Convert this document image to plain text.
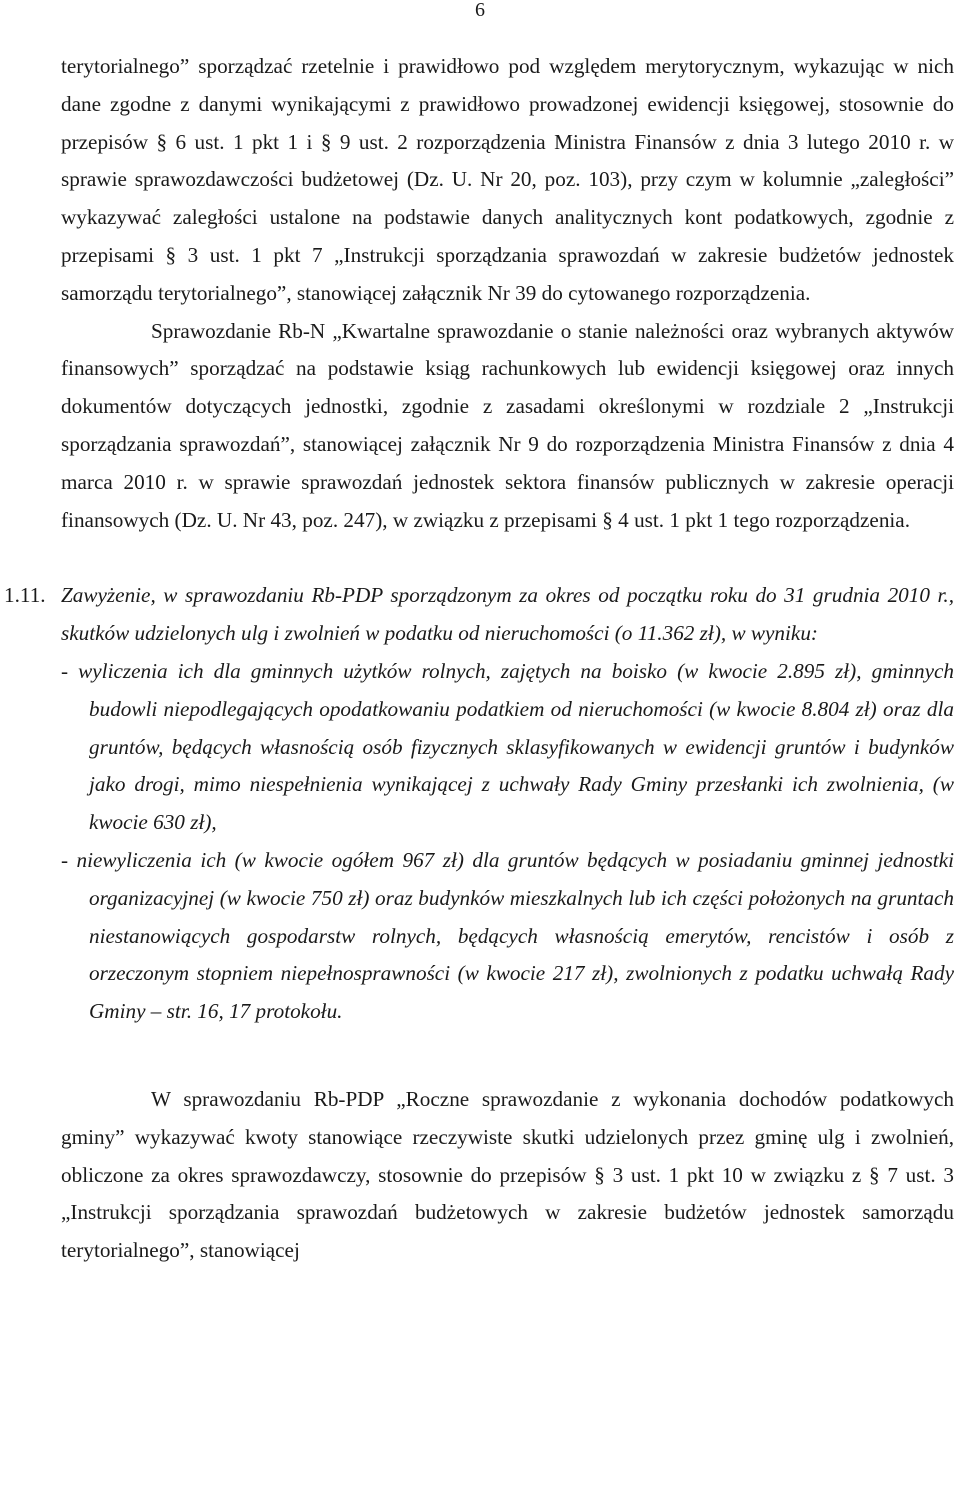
6

terytorialnego” sporządzać rzetelnie i prawidłowo pod względem merytorycznym, wykazując w nich dane zgodne z danymi wynikającymi z prawidłowo prowadzonej ewidencji księgowej, stosownie do przepisów § 6 ust. 1 pkt 1 i § 9 ust. 2 rozporządzenia Ministra Finansów z dnia 3 lutego 2010 r. w sprawie sprawozdawczości budżetowej (Dz. U. Nr 20, poz. 103), przy czym w kolumnie „zaległości” wykazywać zaległości ustalone na podstawie danych analitycznych kont podatkowych, zgodnie z przepisami § 3 ust. 1 pkt 7 „Instrukcji sporządzania sprawozdań w zakresie budżetów jednostek samorządu terytorialnego”, stanowiącej załącznik Nr 39 do cytowanego rozporządzenia.

Sprawozdanie Rb-N „Kwartalne sprawozdanie o stanie należności oraz wybranych aktywów finansowych” sporządzać na podstawie ksiąg rachunkowych lub ewidencji księgowej oraz innych dokumentów dotyczących jednostki, zgodnie z zasadami określonymi w rozdziale 2 „Instrukcji sporządzania sprawozdań”, stanowiącej załącznik Nr 9 do rozporządzenia Ministra Finansów z dnia 4 marca 2010 r. w sprawie sprawozdań jednostek sektora finansów publicznych w zakresie operacji finansowych (Dz. U. Nr 43, poz. 247), w związku z przepisami § 4 ust. 1 pkt 1 tego rozporządzenia.

1.11. Zawyżenie, w sprawozdaniu Rb-PDP sporządzonym za okres od początku roku do 31 grudnia 2010 r., skutków udzielonych ulg i zwolnień w podatku od nieruchomości (o 11.362 zł), w wyniku:

- wyliczenia ich dla gminnych użytków rolnych, zajętych na boisko (w kwocie 2.895 zł), gminnych budowli niepodlegających opodatkowaniu podatkiem od nieruchomości (w kwocie 8.804 zł) oraz dla gruntów, będących własnością osób fizycznych sklasyfikowanych w ewidencji gruntów i budynków jako drogi, mimo niespełnienia wynikającej z uchwały Rady Gminy przesłanki ich zwolnienia, (w kwocie 630 zł),

- niewyliczenia ich (w kwocie ogółem 967 zł) dla gruntów będących w posiadaniu gminnej jednostki organizacyjnej (w kwocie 750 zł) oraz budynków mieszkalnych lub ich części położonych na gruntach niestanowiących gospodarstw rolnych, będących własnością emerytów, rencistów i osób z orzeczonym stopniem niepełnosprawności (w kwocie 217 zł), zwolnionych z podatku uchwałą Rady Gminy – str. 16, 17 protokołu.

W sprawozdaniu Rb-PDP „Roczne sprawozdanie z wykonania dochodów podatkowych gminy” wykazywać kwoty stanowiące rzeczywiste skutki udzielonych przez gminę ulg i zwolnień, obliczone za okres sprawozdawczy, stosownie do przepisów § 3 ust. 1 pkt 10 w związku z § 7 ust. 3 „Instrukcji sporządzania sprawozdań budżetowych w zakresie budżetów jednostek samorządu terytorialnego”, stanowiącej
